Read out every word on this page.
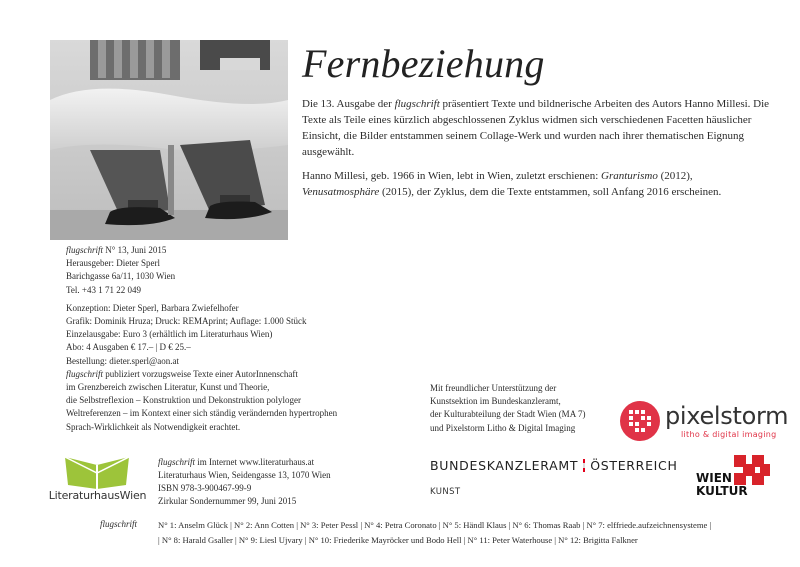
Fernbeziehung

Die 13. Ausgabe der flugschrift präsentiert Texte und bildnerische Arbeiten des Autors Hanno Millesi. Die Texte als Teile eines kürzlich abgeschlossenen Zyklus widmen sich verschiedenen Facetten häuslicher Einsicht, die Bilder entstammen seinem Collage-Werk und wurden nach ihrer thematischen Eignung ausgewählt.

Hanno Millesi, geb. 1966 in Wien, lebt in Wien, zuletzt erschienen: Granturismo (2012), Venusatmosphäre (2015), der Zyklus, dem die Texte entstammen, soll Anfang 2016 erscheinen.

flugschrift N° 13, Juni 2015
Herausgeber: Dieter Sperl
Barichgasse 6a/11, 1030 Wien
Tel. +43 1 71 22 049
Konzeption: Dieter Sperl, Barbara Zwiefelhofer
Grafik: Dominik Hruza; Druck: REMAprint; Auflage: 1.000 Stück
Einzelausgabe: Euro 3 (erhältlich im Literaturhaus Wien)
Abo: 4 Ausgaben € 17.– | D € 25.–
Bestellung: dieter.sperl@aon.at
flugschrift publiziert vorzugsweise Texte einer AutorInnenschaft
im Grenzbereich zwischen Literatur, Kunst und Theorie,
die Selbstreflexion – Konstruktion und Dekonstruktion polyloger
Weltreferenzen – im Kontext einer sich ständig verändernden hypertrophen
Sprach-Wirklichkeit als Notwendigkeit erachtet.
Mit freundlicher Unterstützung der
Kunstsektion im Bundeskanzleramt,
der Kulturabteilung der Stadt Wien (MA 7)
und Pixelstorm Litho & Digital Imaging	pixelstorm
litho & digital imaging
BUNDESKANZLERAMT ÖSTERREICH
KUNST
WIEN
KULTUR
LiteraturhausWien
flugschrift im Internet www.literaturhaus.at
Literaturhaus Wien, Seidengasse 13, 1070 Wien
ISBN 978-3-900467-99-9
Zirkular Sondernummer 99, Juni 2015
flugschrift N° 1: Anselm Glück | N° 2: Ann Cotten | N° 3: Peter Pessl | N° 4: Petra Coronato | N° 5: Händl Klaus | N° 6: Thomas Raab | N° 7: elffriede.aufzeichnensysteme |
| N° 8: Harald Gsaller | N° 9: Liesl Ujvary | N° 10: Friederike Mayröcker und Bodo Hell | N° 11: Peter Waterhouse | N° 12: Brigitta Falkner
